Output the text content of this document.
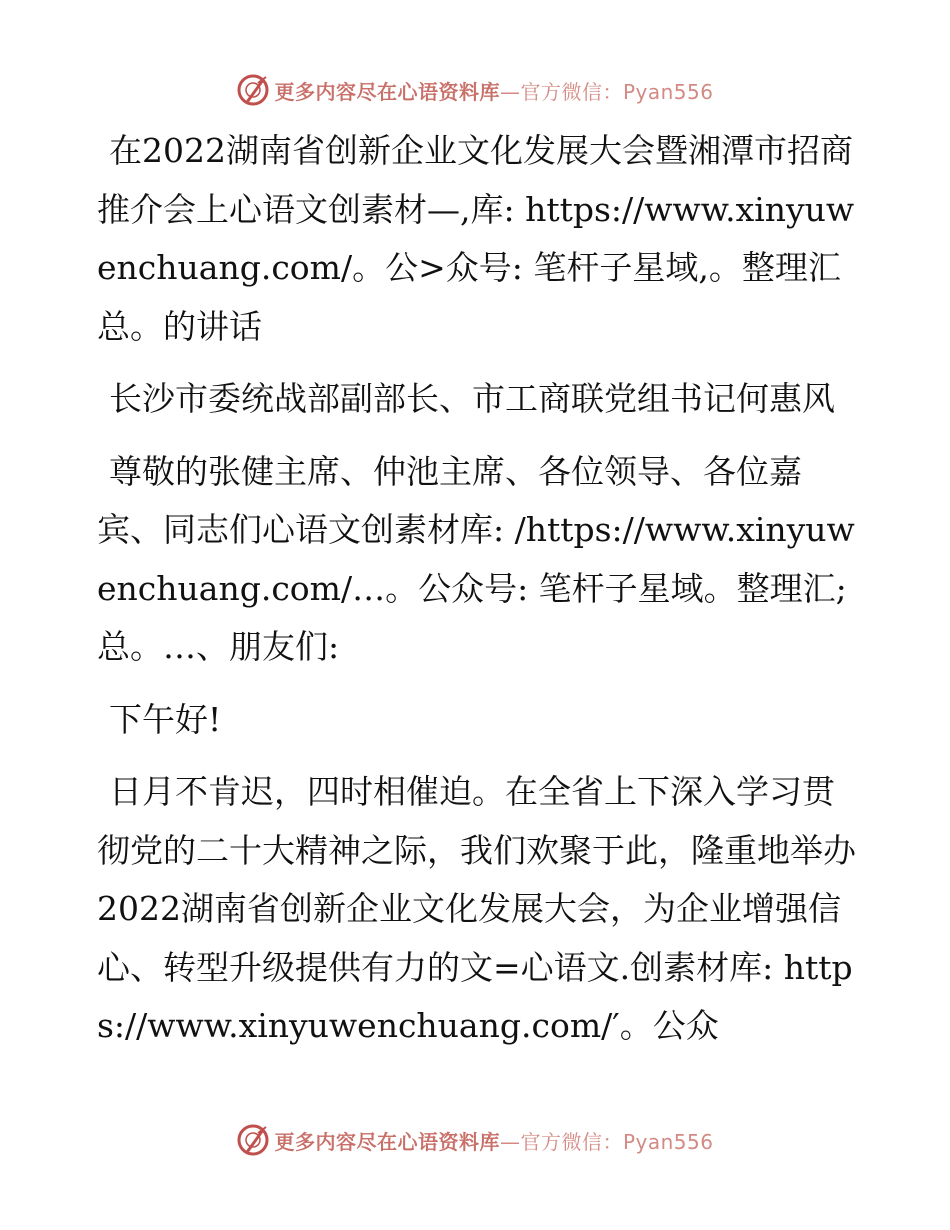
更多内容尽在心语资料库—官方微信：Pyan556

在2022湖南省创新企业文化发展大会暨湘潭市招商推介会上心语文创素材—,库: https://www.xinyuwenchuang.com/。公>众号: 笔杆子星域,。整理汇总。的讲话

长沙市委统战部副部长、市工商联党组书记何惠风

尊敬的张健主席、仲池主席、各位领导、各位嘉宾、同志们心语文创素材库: /https://www.xinyuwenchuang.com/…。公众号: 笔杆子星域。整理汇;总。…、朋友们:

下午好!

日月不肯迟，四时相催迫。在全省上下深入学习贯彻党的二十大精神之际，我们欢聚于此，隆重地举办2022湖南省创新企业文化发展大会，为企业增强信心、转型升级提供有力的文=心语文.创素材库: https://www.xinyuwenchuang.com/′。公众

更多内容尽在心语资料库—官方微信：Pyan556
